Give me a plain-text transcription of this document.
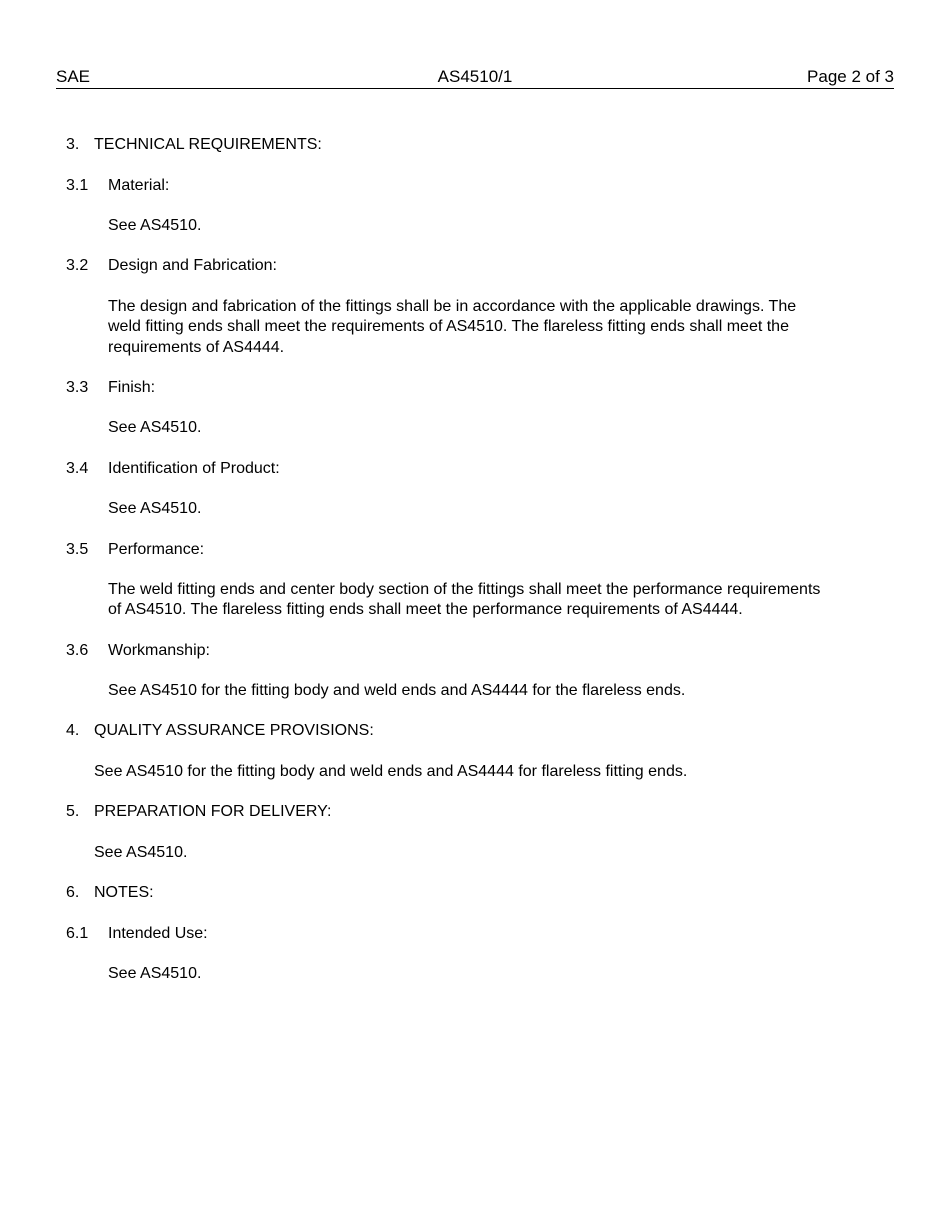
SAE	AS4510/1	Page 2 of 3
3. TECHNICAL REQUIREMENTS:
3.1 Material:
See AS4510.
3.2 Design and Fabrication:
The design and fabrication of the fittings shall be in accordance with the applicable drawings. The
weld fitting ends shall meet the requirements of AS4510. The flareless fitting ends shall meet the
requirements of AS4444.
3.3 Finish:
See AS4510.
3.4 Identification of Product:
See AS4510.
3.5 Performance:
The weld fitting ends and center body section of the fittings shall meet the performance requirements
of AS4510. The flareless fitting ends shall meet the performance requirements of AS4444.
3.6 Workmanship:
See AS4510 for the fitting body and weld ends and AS4444 for the flareless ends.
4. QUALITY ASSURANCE PROVISIONS:
See AS4510 for the fitting body and weld ends and AS4444 for flareless fitting ends.
5. PREPARATION FOR DELIVERY:
See AS4510.
6. NOTES:
6.1 Intended Use:
See AS4510.
